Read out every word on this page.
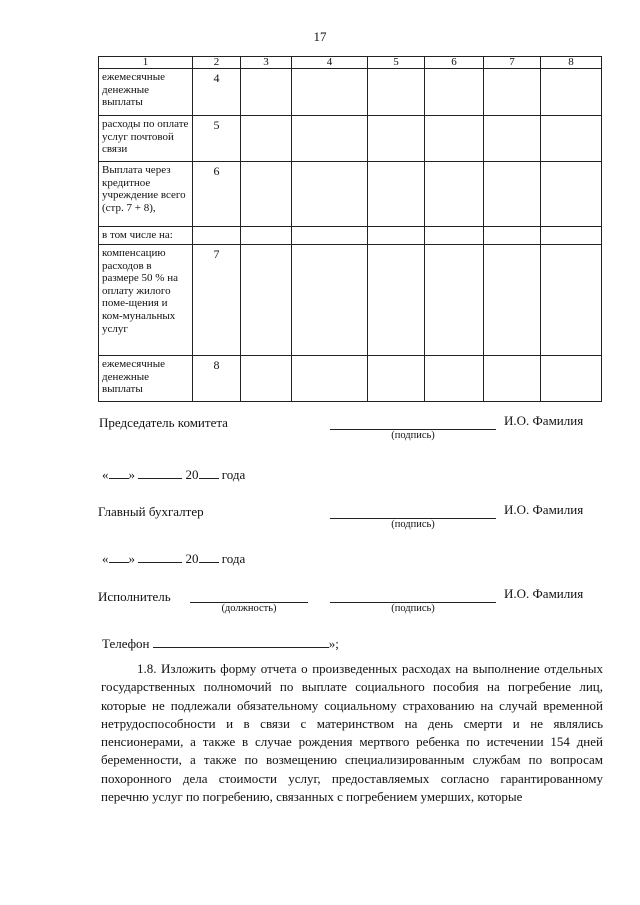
17
1	2	3	4	5	6	7	8
ежемесячные денежные выплаты	4						
расходы по оплате услуг почтовой связи	5						
Выплата через кредитное учреждение всего (стр. 7 + 8),	6						
в том числе на:							
компенсацию расходов в размере 50 % на оплату жилого поме-щения и ком-мунальных услуг	7						
ежемесячные денежные выплаты	8						
Председатель комитета
(подпись)
И.О. Фамилия
« »	20 года
Главный бухгалтер
(подпись)
И.О. Фамилия
« »	20 года
Исполнитель
(должность)	(подпись)
И.О. Фамилия
Телефон	»;
1.8. Изложить форму отчета о произведенных расходах на выполнение отдельных государственных полномочий по выплате социального пособия на погребение лиц, которые не подлежали обязательному социальному страхованию на случай временной нетрудоспособности и в связи с материнством на день смерти и не являлись пенсионерами, а также в случае рождения мертвого ребенка по истечении 154 дней беременности, а также по возмещению специализированным службам по вопросам похоронного дела стоимости услуг, предоставляемых согласно гарантированному перечню услуг по погребению, связанных с погребением умерших, которые
